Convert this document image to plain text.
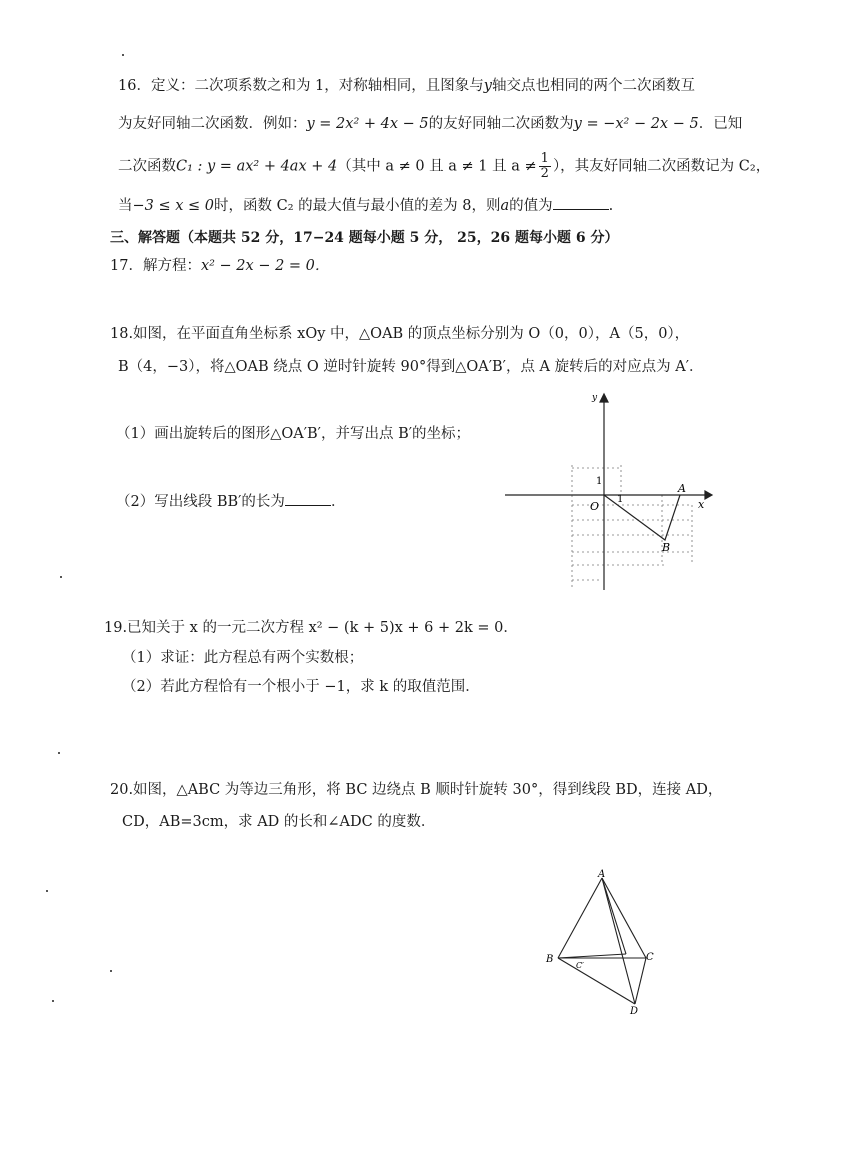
16．定义：二次项系数之和为 1，对称轴相同，且图象与y轴交点也相同的两个二次函数互
为友好同轴二次函数．例如：y = 2x² + 4x − 5的友好同轴二次函数为y = −x² − 2x − 5．已知
二次函数C₁ : y = ax² + 4ax + 4（其中 a ≠ 0 且 a ≠ 1 且 $a \ne \frac{1}{2}$ ），其友好同轴二次函数记为 C₂，
当−3 ≤ x ≤ 0时，函数 C₂ 的最大值与最小值的差为 8，则a的值为	.
三、解答题（本题共 52 分，17−24 题每小题 5 分， 25，26 题每小题 6 分）
17．解方程：x² − 2x − 2 = 0．
18.如图，在平面直角坐标系 xOy 中，△OAB 的顶点坐标分别为 O（0，0），A（5，0），
B（4，−3），将△OAB 绕点 O 逆时针旋转 90°得到△OA′B′，点 A 旋转后的对应点为 A′．
（1）画出旋转后的图形△OA′B′，并写出点 B′的坐标；
（2）写出线段 BB′的长为	．	x
y
O
1
1
A
B
19.已知关于 x 的一元二次方程 x² − (k + 5)x + 6 + 2k = 0．
（1）求证：此方程总有两个实数根；
（2）若此方程恰有一个根小于 −1，求 k 的取值范围．
20.如图，△ABC 为等边三角形，将 BC 边绕点 B 顺时针旋转 30°，得到线段 BD，连接 AD，
CD，AB=3cm，求 AD 的长和∠ADC 的度数．
A
B	C
D
C′
